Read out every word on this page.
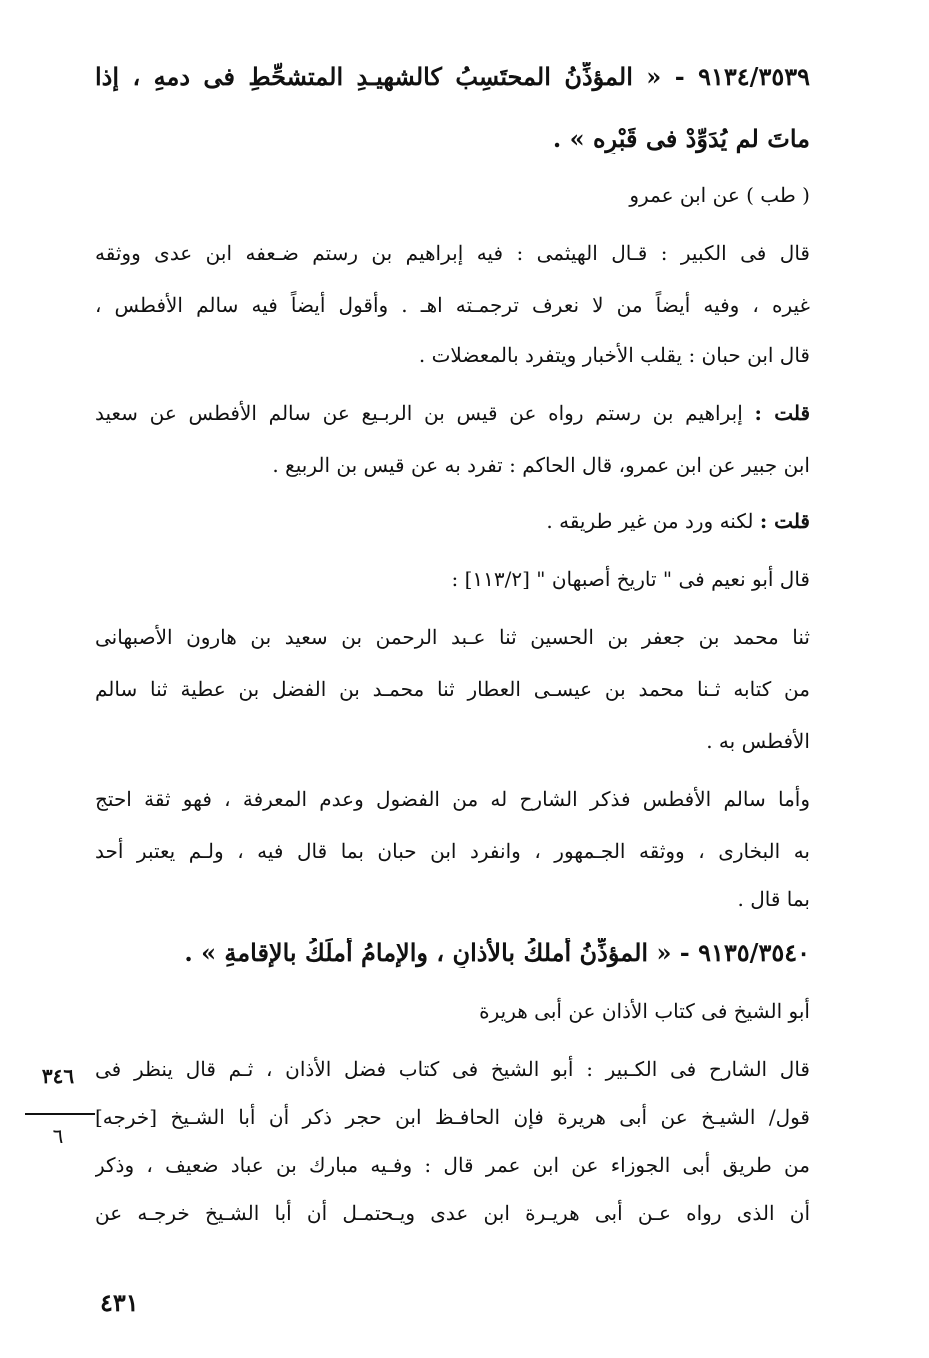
٩١٣٤/٣٥٣٩ - « المؤذِّنُ المحتَسِبُ كالشهيـدِ المتشحِّطِ فى دمهِ ، إذا
ماتَ لم يُدَوِّدْ فى قَبْرِه » .
( طب ) عن ابن عمرو
قال فى الكبير : قـال الهيثمى : فيه إبراهيم بن رستم ضـعفه ابن عدى ووثقه
غيره ، وفيه أيضاً من لا نعرف ترجمـته اهـ . وأقول أيضاً فيه سالم الأفطس ،
قال ابن حبان : يقلب الأخبار ويتفرد بالمعضلات .
قلت : إبراهيم بن رستم رواه عن قيس بن الربـيع عن سالم الأفطس عن سعيد
ابن جبير عن ابن عمرو، قال الحاكم : تفرد به عن قيس بن الربيع .
قلت : لكنه ورد من غير طريقه .
قال أبو نعيم فى " تاريخ أصبهان " [١١٣/٢] :
ثنا محمد بن جعفر بن الحسين ثنا عـبد الرحمن بن سعيد بن هارون الأصبهانى
من كتابه ثـنا محمد بن عيسـى العطار ثنا محمـد بن الفضل بن عطية ثنا سالم
الأفطس به .
وأما سالم الأفطس فذكر الشارح له من الفضول وعدم المعرفة ، فهو ثقة احتج
به البخارى ، ووثقه الجـمهور ، وانفرد ابن حبان بما قال فيه ، ولـم يعتبر أحد
بما قال .
٩١٣٥/٣٥٤٠ - « المؤذِّنُ أملكُ بالأذانِ ، والإمامُ أملَكُ بالإقامةِ » .
أبو الشيخ فى كتاب الأذان عن أبى هريرة
قال الشارح فى الكـبير : أبو الشيخ فى كتاب فضل الأذان ، ثـم قال ينظر فى
قول/ الشيـخ عن أبى هريرة فإن الحافـظ ابن حجر ذكر أن أبا الشـيخ [خرجه]
من طريق أبى الجوزاء عن ابن عمر قال : وفـيه مبارك بن عباد ضعيف ، وذكر
أن الذى رواه عـن أبى هريـرة ابن عدى ويـحتمـل أن أبا الشـيخ خرجـه عن
٣٤٦
٦
٤٣١
